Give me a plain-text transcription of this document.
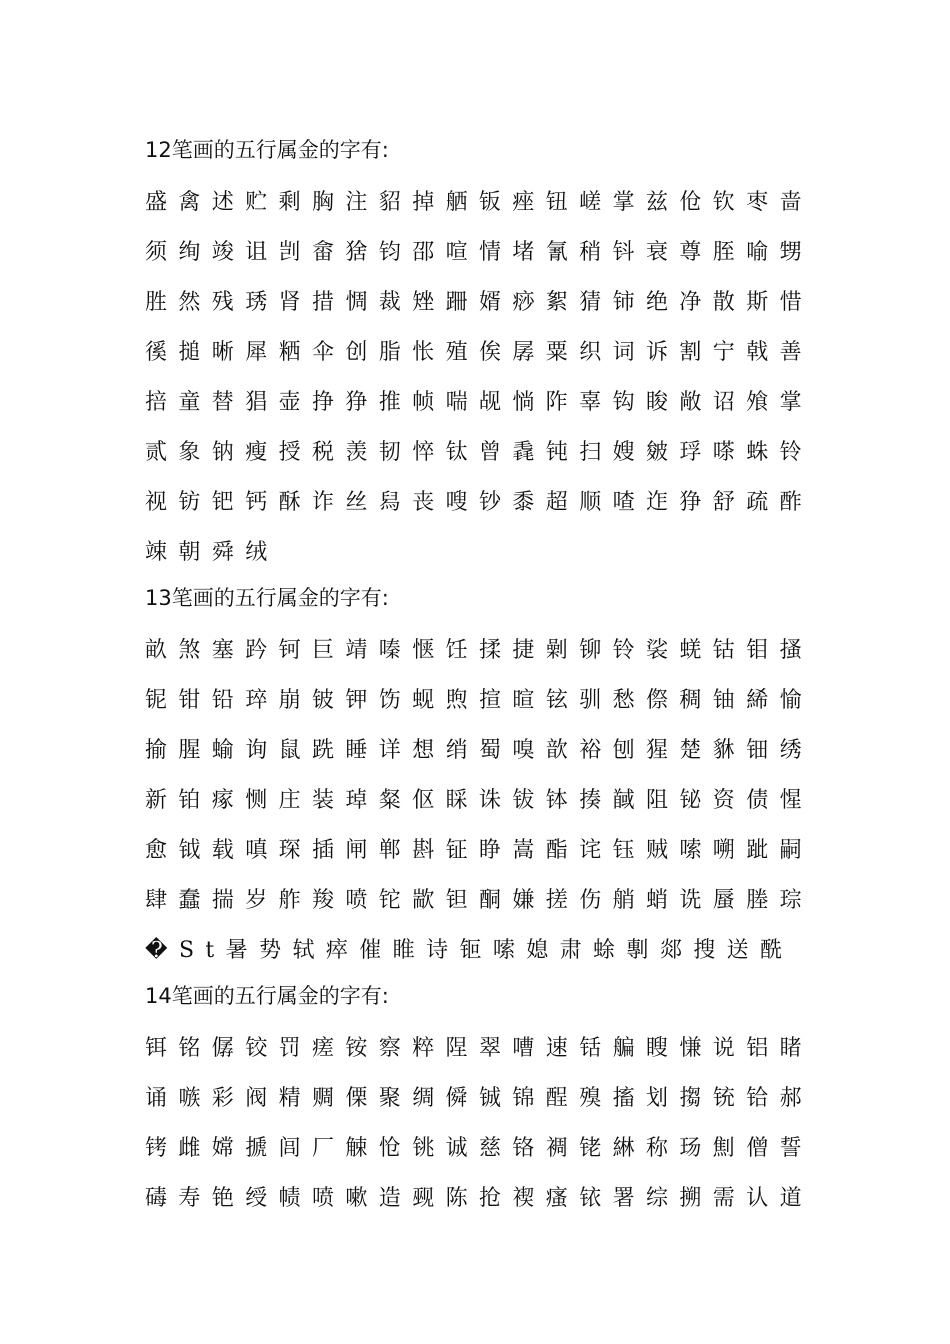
12笔画的五行属金的字有:

盛禽述贮剩胸注貂掉舾钣痤钮嵯掌兹伧钦枣啬

须绚竣诅剀畲猞钧邵喧情堵氰稍钭衰尊胵喻甥

胜然残琇肾措惆裁矬跚婿痧絮猜铈绝净散斯惜

徯搥晰犀粞伞创脂怅殖俟孱粟织词诉割宁戟善

掊童替猖壶挣狰推帧喘觇惝阼辜钩睃敞诏飧掌

贰象钠瘦授税羡韧悴钛曾毳钝扫嫂皴琈嗏蛛铃

视钫钯钙酥诈丝舄丧嗖钞黍超顺喳迮狰舒疏酢

竦朝舜绒

13笔画的五行属金的字有:

畝煞塞趻钶巨靖嗪惬饪揉捷劋铆铃裟蜣钴钼搔

铌钳铅琗崩铍钾饬蚬煦揎暄铉驯愁傺稠铀絺愉

揄腥蝓询鼠跣睡详想绡蜀嗅歆裕刨猩楚貅钿绣

新铂瘃恻庄装琸粲伛睬诛钹钵揍馘阻铋资债惺

愈钺载嗔琛插闸郸斟钲睁嵩酯诧钰贼嗦嗍跐嗣

肆蠢揣岁舴羧喷铊歂钽酮嫌搓伤艄蛸诜蜃塍琮

�St暑势轼瘁催睢诗钷嗦媳肃蜍剸郯搜送酰

14笔画的五行属金的字有:

铒铭僝铰罚瘥铵察粹陧翠嘈速铦艑瞍慊说铝睹

诵嗾彩阀精赒傈聚绸僢铖锦酲殠搐划搊铳铪郝

铐雌嫦搋闾厂觫怆铫诚慈铬裯铑綝称玚劁僧誓

碡寿铯绶帻喷嗽造觋陈抢褉瘙铱署综搠需认道
